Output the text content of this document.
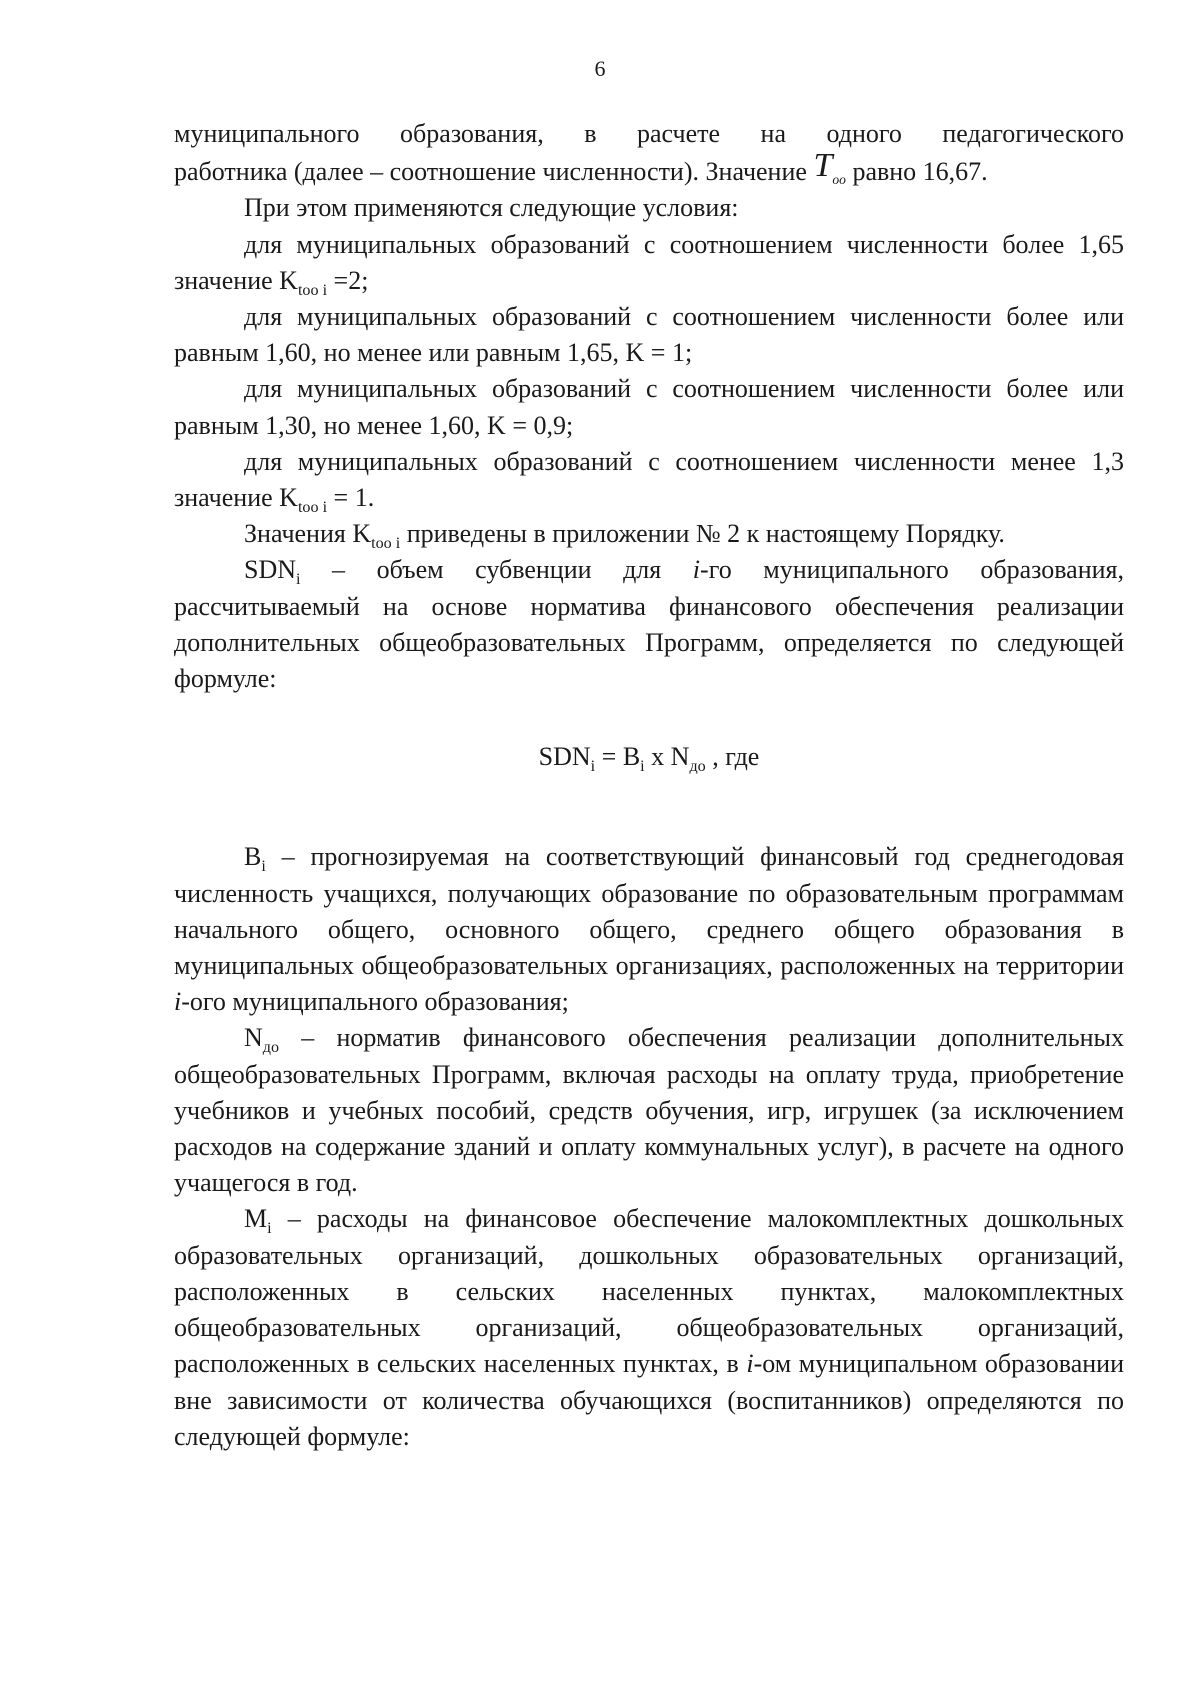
6

муниципального образования, в расчете на одного педагогического

работника (далее – соотношение численности). Значение $T_{оо}$ равно 16,67.

При этом применяются следующие условия:

для муниципальных образований с соотношением численности более 1,65 значение $K_{too i} =2$;

для муниципальных образований с соотношением численности более или равным 1,60, но менее или равным 1,65, K = 1;

для муниципальных образований с соотношением численности более или равным 1,30, но менее 1,60, K = 0,9;

для муниципальных образований с соотношением численности менее 1,3 значение $K_{too i} = 1$.

Значения $K_{too i}$ приведены в приложении № 2 к настоящему Порядку.

$SDN_i$ – объем субвенции для i-го муниципального образования, рассчитываемый на основе норматива финансового обеспечения реализации дополнительных общеобразовательных Программ, определяется по следующей формуле:

$SDN_i = B_i$ x $N_{до}$ , где

$B_i$ – прогнозируемая на соответствующий финансовый год среднегодовая численность учащихся, получающих образование по образовательным программам начального общего, основного общего, среднего общего образования в муниципальных общеобразовательных организациях, расположенных на территории i-ого муниципального образования;

$N_{до}$ – норматив финансового обеспечения реализации дополнительных общеобразовательных Программ, включая расходы на оплату труда, приобретение учебников и учебных пособий, средств обучения, игр, игрушек (за исключением расходов на содержание зданий и оплату коммунальных услуг), в расчете на одного учащегося в год.

$M_i$ – расходы на финансовое обеспечение малокомплектных дошкольных образовательных организаций, дошкольных образовательных организаций, расположенных в сельских населенных пунктах, малокомплектных общеобразовательных организаций, общеобразовательных организаций, расположенных в сельских населенных пунктах, в i-ом муниципальном образовании вне зависимости от количества обучающихся (воспитанников) определяются по следующей формуле:
